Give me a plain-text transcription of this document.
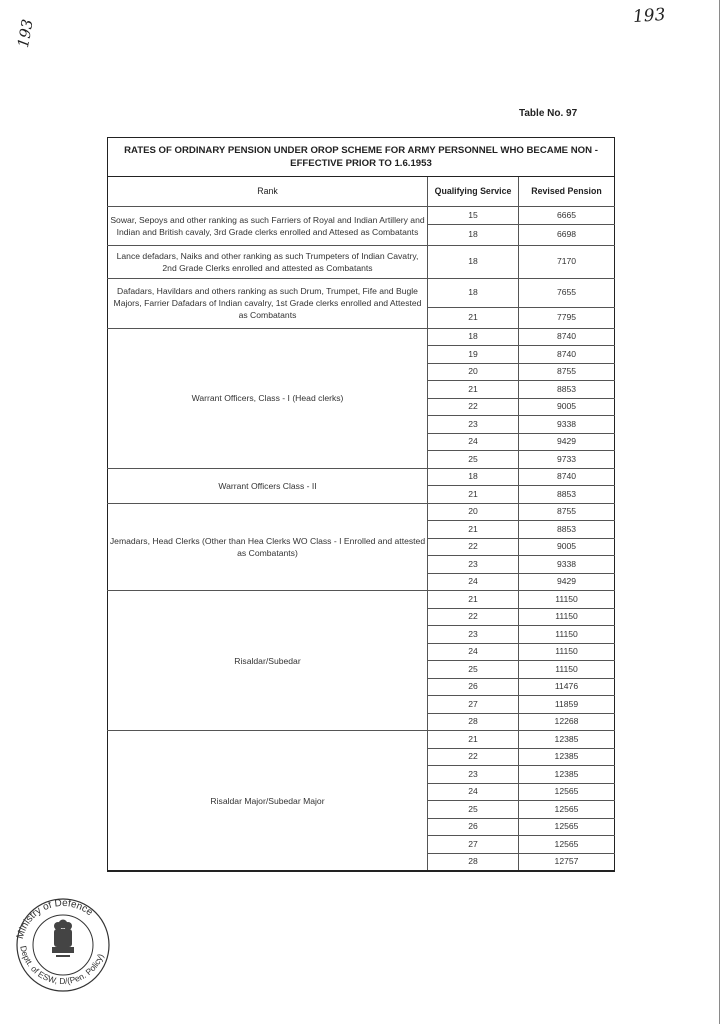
193
193
Table No. 97
RATES OF ORDINARY PENSION UNDER OROP SCHEME FOR ARMY PERSONNEL WHO BECAME NON - EFFECTIVE PRIOR TO 1.6.1953		
Rank	Qualifying Service	Revised Pension
Sowar, Sepoys and other ranking as such Farriers of Royal and Indian Artillery and Indian and British cavaly, 3rd Grade clerks enrolled and Attesed as Combatants	15	6665
	18	6698
Lance defadars, Naiks and other ranking as such Trumpeters of Indian Cavatry, 2nd Grade Clerks enrolled and attested as Combatants	18	7170
Dafadars, Havildars and others ranking as such Drum, Trumpet, Fife and Bugle Majors, Farrier Dafadars of Indian cavalry, 1st Grade clerks enrolled and Attested as Combatants	18	7655
	21	7795
Warrant Officers, Class - I (Head clerks)	18	8740
	19	8740
	20	8755
	21	8853
	22	9005
	23	9338
	24	9429
	25	9733
Warrant Officers Class - II	18	8740
	21	8853
Jemadars, Head Clerks (Other than Hea Clerks WO Class - I Enrolled and attested as Combatants)	20	8755
	21	8853
	22	9005
	23	9338
	24	9429
Risaldar/Subedar	21	11150
	22	11150
	23	11150
	24	11150
	25	11150
	26	11476
	27	11859
	28	12268
Risaldar Major/Subedar Major	21	12385
	22	12385
	23	12385
	24	12565
	25	12565
	26	12565
	27	12565
	28	12757
Ministry of Defence
Deptt. of ESW, D/(Pen. Policy)
